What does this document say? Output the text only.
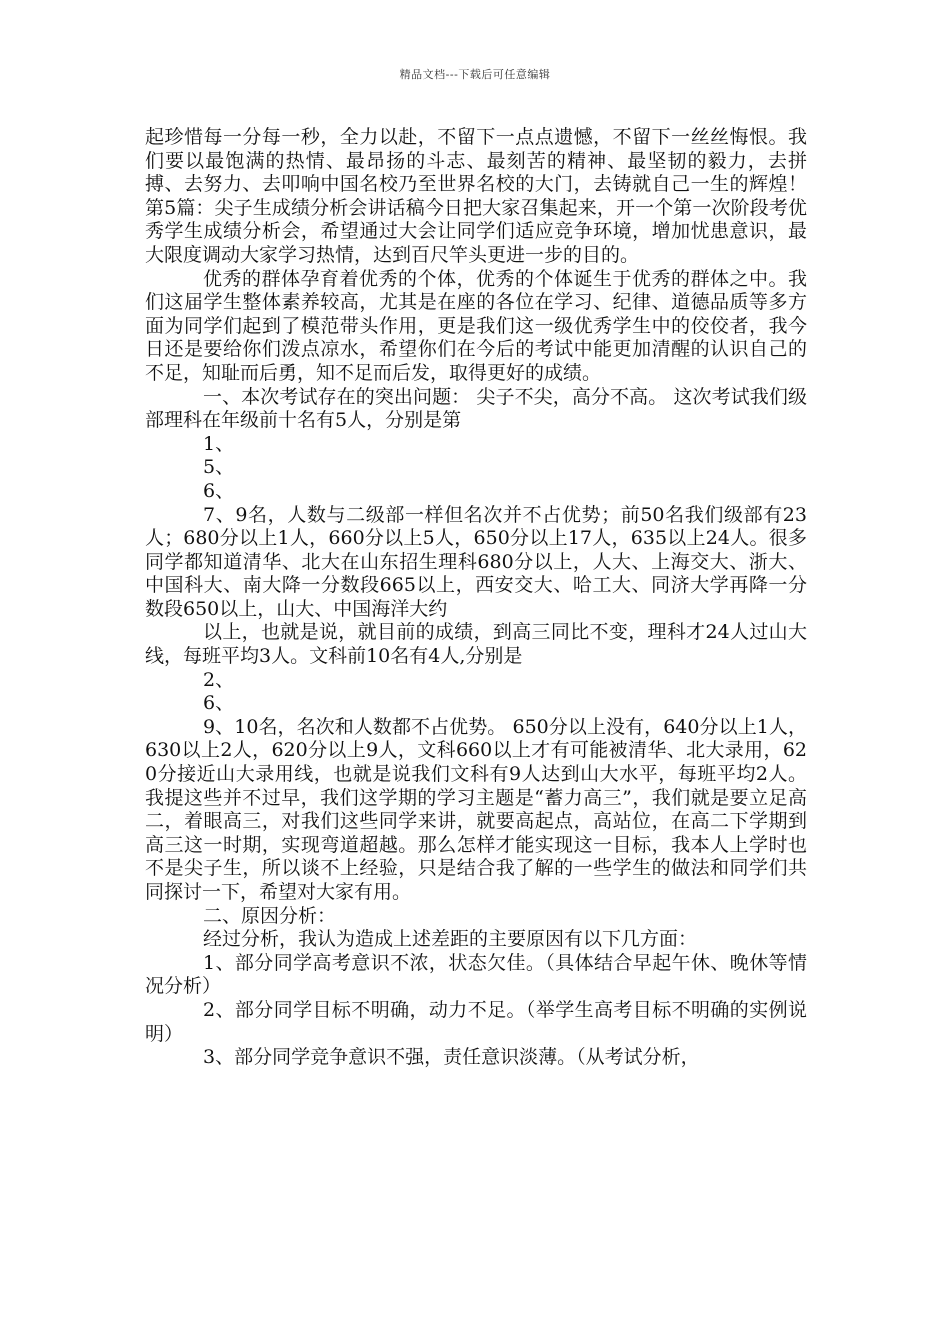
精品文档---下载后可任意编辑

起珍惜每一分每一秒，全力以赴，不留下一点点遗憾，不留下一丝丝悔恨。我们要以最饱满的热情、最昂扬的斗志、最刻苦的精神、最坚韧的毅力，去拼搏、去努力、去叩响中国名校乃至世界名校的大门，去铸就自己一生的辉煌！第5篇：尖子生成绩分析会讲话稿今日把大家召集起来，开一个第一次阶段考优秀学生成绩分析会，希望通过大会让同学们适应竞争环境，增加忧患意识，最大限度调动大家学习热情，达到百尺竿头更进一步的目的。

优秀的群体孕育着优秀的个体，优秀的个体诞生于优秀的群体之中。我们这届学生整体素养较高，尤其是在座的各位在学习、纪律、道德品质等多方面为同学们起到了模范带头作用，更是我们这一级优秀学生中的佼佼者，我今日还是要给你们泼点凉水，希望你们在今后的考试中能更加清醒的认识自己的不足，知耻而后勇，知不足而后发，取得更好的成绩。

一、本次考试存在的突出问题： 尖子不尖，高分不高。 这次考试我们级部理科在年级前十名有5人，分别是第

1、

5、

6、

7、9名，人数与二级部一样但名次并不占优势；前50名我们级部有23人；680分以上1人，660分以上5人，650分以上17人，635以上24人。很多同学都知道清华、北大在山东招生理科680分以上，人大、上海交大、浙大、中国科大、南大降一分数段665以上，西安交大、哈工大、同济大学再降一分数段650以上，山大、中国海洋大约

以上，也就是说，就目前的成绩，到高三同比不变，理科才24人过山大线，每班平均3人。文科前10名有4人,分别是

2、

6、

9、10名，名次和人数都不占优势。 650分以上没有，640分以上1人，630以上2人，620分以上9人，文科660以上才有可能被清华、北大录用，620分接近山大录用线，也就是说我们文科有9人达到山大水平，每班平均2人。我提这些并不过早，我们这学期的学习主题是“蓄力高三”，我们就是要立足高二，着眼高三，对我们这些同学来讲，就要高起点，高站位，在高二下学期到高三这一时期，实现弯道超越。那么怎样才能实现这一目标，我本人上学时也不是尖子生，所以谈不上经验，只是结合我了解的一些学生的做法和同学们共同探讨一下，希望对大家有用。

二、原因分析：

经过分析，我认为造成上述差距的主要原因有以下几方面：

1、部分同学高考意识不浓，状态欠佳。（具体结合早起午休、晚休等情况分析）

2、部分同学目标不明确，动力不足。（举学生高考目标不明确的实例说明）

3、部分同学竞争意识不强，责任意识淡薄。（从考试分析，
